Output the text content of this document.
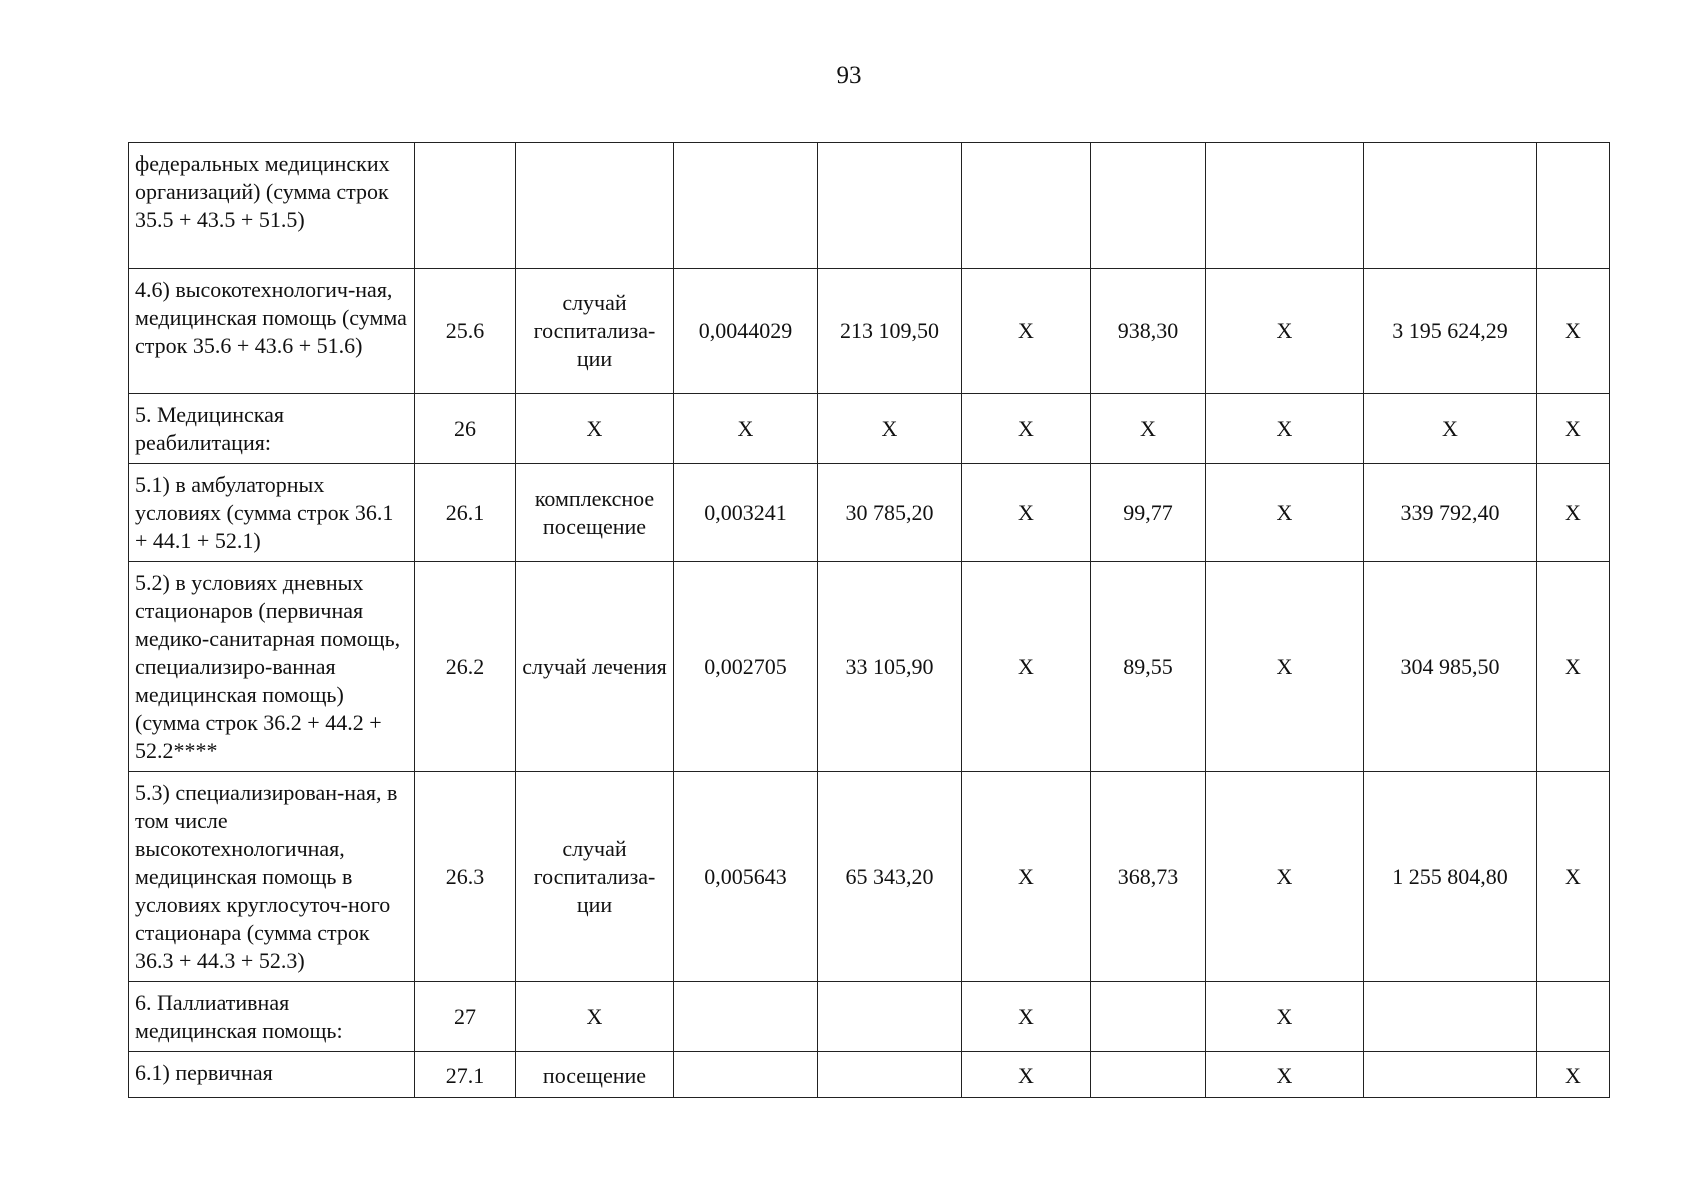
93
федеральных медицинских организаций) (сумма строк 35.5 + 43.5 + 51.5)									
4.6) высокотехнологич-ная, медицинская помощь (сумма строк 35.6 + 43.6 + 51.6)	25.6	случай госпитализа-ции	0,0044029	213 109,50	X	938,30	X	3 195 624,29	X
5. Медицинская реабилитация:	26	X	X	X	X	X	X	X	X
5.1) в амбулаторных условиях (сумма строк 36.1 + 44.1 + 52.1)	26.1	комплексное посещение	0,003241	30 785,20	X	99,77	X	339 792,40	X
5.2) в условиях дневных стационаров (первичная медико-санитарная помощь, специализиро-ванная медицинская помощь) (сумма строк 36.2 + 44.2 + 52.2****	26.2	случай лечения	0,002705	33 105,90	X	89,55	X	304 985,50	X
5.3) специализирован-ная, в том числе высокотехнологичная, медицинская помощь в условиях круглосуточ-ного стационара (сумма строк 36.3 + 44.3 + 52.3)	26.3	случай госпитализа-ции	0,005643	65 343,20	X	368,73	X	1 255 804,80	X
6. Паллиативная медицинская помощь:	27	X			X		X		
6.1) первичная	27.1	посещение			X		X		X
